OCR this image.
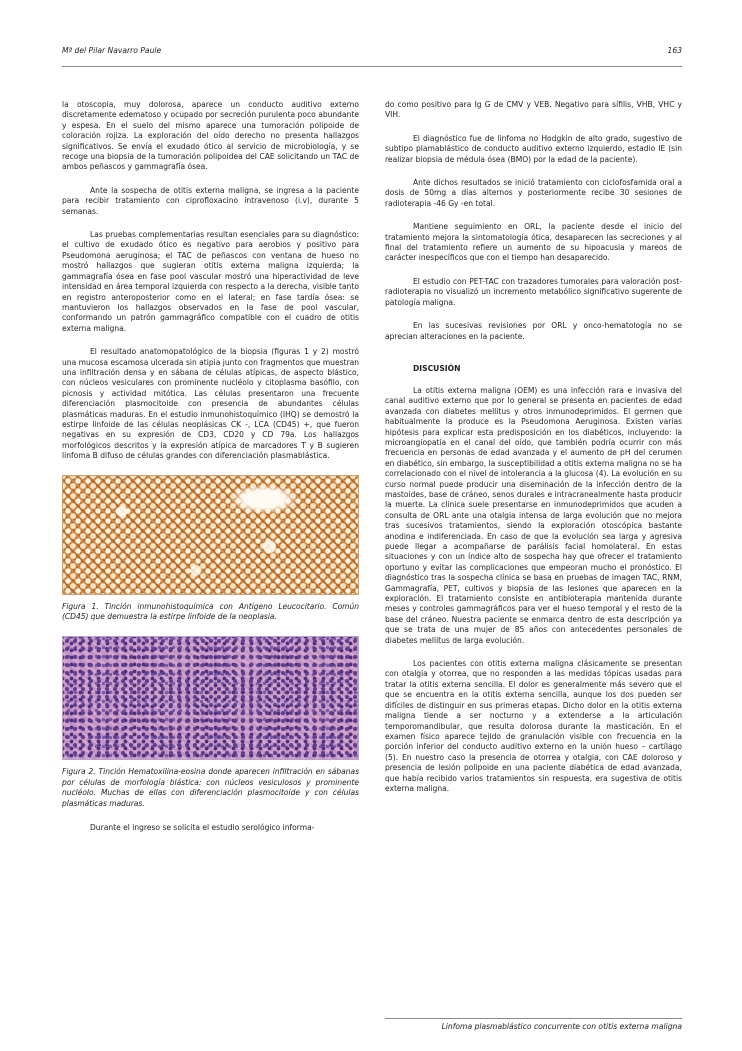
Mª del Pilar Navarro Paule	163

la otoscopia, muy dolorosa, aparece un conducto auditivo externo discretamente edematoso y ocupado por secreción purulenta poco abundante y espesa. En el suelo del mismo aparece una tumoración polipoide de coloración rojiza. La exploración del oído derecho no presenta hallazgos significativos. Se envía el exudado ótico al servicio de microbiología, y se recoge una biopsia de la tumoración polipoidea del CAE solicitando un TAC de ambos peñascos y gammagrafía ósea.

Ante la sospecha de otitis externa maligna, se ingresa a la paciente para recibir tratamiento con ciprofloxacino intravenoso (i.v), durante 5 semanas.

Las pruebas complementarias resultan esenciales para su diagnóstico: el cultivo de exudado ótico es negativo para aerobios y positivo para Pseudomona aeruginosa; el TAC de peñascos con ventana de hueso no mostró hallazgos que sugieran otitis externa maligna izquierda; la gammagrafía ósea en fase pool vascular mostró una hiperactividad de leve intensidad en área temporal izquierda con respecto a la derecha, visible tanto en registro anteroposterior como en el lateral; en fase tardía ósea: se mantuvieron los hallazgos observados en la fase de pool vascular, conformando un patrón gammagráfico compatible con el cuadro de otitis externa maligna.

El resultado anatomopatológico de la biopsia (figuras 1 y 2) mostró una mucosa escamosa ulcerada sin atipia junto con fragmentos que muestran una infiltración densa y en sábana de células atípicas, de aspecto blástico, con núcleos vesiculares con prominente nucléolo y citoplasma basófilo, con picnosis y actividad mitótica. Las células presentaron una frecuente diferenciación plasmocitoide con presencia de abundantes células plasmáticas maduras. En el estudio inmunohistoquímico (IHQ) se demostró la estirpe linfoide de las células neoplásicas CK -, LCA (CD45) +, que fueron negativas en su expresión de CD3, CD20 y CD 79a. Los hallazgos morfológicos descritos y la expresión atípica de marcadores T y B sugieren linfoma B difuso de células grandes con diferenciación plasmablástica.

Figura 1. Tinción inmunohistoquímica con Antígeno Leucocitario. Común (CD45) que demuestra la estirpe linfoide de la neoplasia.
Figura 2. Tinción Hematoxilina-eosina donde aparecen infiltración en sábanas por células de morfología blástica: con núcleos vesiculosos y prominente nucléolo. Muchas de ellas con diferenciación plasmocitoide y con células plasmáticas maduras.

Durante el ingreso se solicita el estudio serológico informa-

do como positivo para Ig G de CMV y VEB. Negativo para sífilis, VHB, VHC y VIH.

El diagnóstico fue de linfoma no Hodgkin de alto grado, sugestivo de subtipo plamablástico de conducto auditivo externo izquierdo, estadio IE (sin realizar biopsia de médula ósea (BMO) por la edad de la paciente).

Ante dichos resultados se inició tratamiento con ciclofosfamida oral a dosis de 50mg a días alternos y posteriormente recibe 30 sesiones de radioterapia -46 Gy -en total.

Mantiene seguimiento en ORL, la paciente desde el inicio del tratamiento mejora la sintomatología ótica, desaparecen las secreciones y al final del tratamiento refiere un aumento de su hipoacusia y mareos de carácter inespecíficos que con el tiempo han desaparecido.

El estudio con PET-TAC con trazadores tumorales para valoración post-radioterapia no visualizó un incremento metabólico significativo sugerente de patología maligna.

En las sucesivas revisiones por ORL y onco-hematología no se aprecian alteraciones en la paciente.

DISCUSIÓN

La otitis externa maligna (OEM) es una infección rara e invasiva del canal auditivo externo que por lo general se presenta en pacientes de edad avanzada con diabetes mellitus y otros inmunodeprimidos. El germen que habitualmente la produce es la Pseudomona Aeruginosa. Existen varias hipótesis para explicar esta predisposición en los diabéticos, incluyendo: la microangiopatía en el canal del oído, que también podría ocurrir con más frecuencia en personas de edad avanzada y el aumento de pH del cerumen en diabético, sin embargo, la susceptibilidad a otitis externa maligna no se ha correlacionado con el nivel de intolerancia a la glucosa (4). La evolución en su curso normal puede producir una diseminación de la infección dentro de la mastoides, base de cráneo, senos durales e intracranealmente hasta producir la muerte. La clínica suele presentarse en inmunodeprimidos que acuden a consulta de ORL ante una otalgia intensa de larga evolución que no mejora tras sucesivos tratamientos, siendo la exploración otoscópica bastante anodina e indiferenciada. En caso de que la evolución sea larga y agresiva puede llegar a acompañarse de parálisis facial homolateral. En estas situaciones y con un índice alto de sospecha hay que ofrecer el tratamiento oportuno y evitar las complicaciones que empeoran mucho el pronóstico. El diagnóstico tras la sospecha clínica se basa en pruebas de imagen TAC, RNM, Gammagrafía, PET, cultivos y biopsia de las lesiones que aparecen en la exploración. El tratamiento consiste en antibioterapia mantenida durante meses y controles gammagráficos para ver el hueso temporal y el resto de la base del cráneo. Nuestra paciente se enmarca dentro de esta descripción ya que se trata de una mujer de 85 años con antecedentes personales de diabetes mellitus de larga evolución.

Los pacientes con otitis externa maligna clásicamente se presentan con otalgia y otorrea, que no responden a las medidas tópicas usadas para tratar la otitis externa sencilla. El dolor es generalmente más severo que el que se encuentra en la otitis externa sencilla, aunque los dos pueden ser difíciles de distinguir en sus primeras etapas. Dicho dolor en la otitis externa maligna tiende a ser nocturno y a extenderse a la articulación temporomandibular, que resulta dolorosa durante la masticación. En el examen físico aparece tejido de granulación visible con frecuencia en la porción inferior del conducto auditivo externo en la unión hueso – cartílago (5). En nuestro caso la presencia de otorrea y otalgia, con CAE doloroso y presencia de lesión polipoide en una paciente diabética de edad avanzada, que había recibido varios tratamientos sin respuesta, era sugestiva de otitis externa maligna.

Linfoma plasmablástico concurrente con otitis externa maligna
